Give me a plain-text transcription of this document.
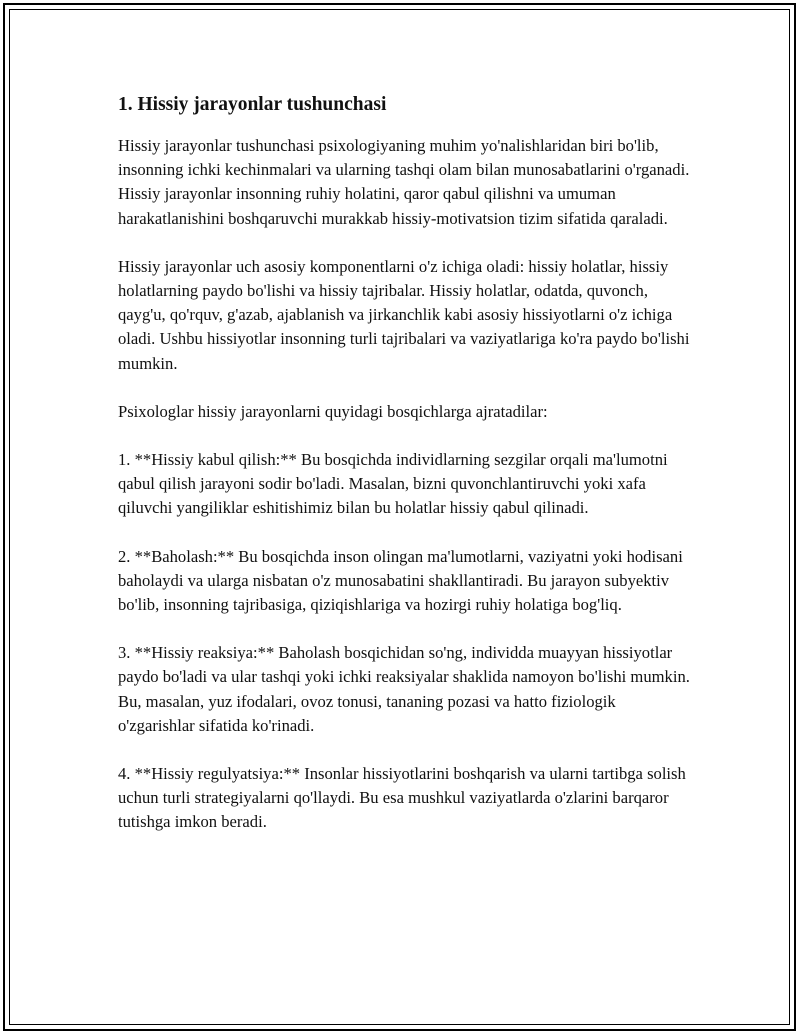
1. Hissiy jarayonlar tushunchasi

Hissiy jarayonlar tushunchasi psixologiyaning muhim yo'nalishlaridan biri bo'lib, insonning ichki kechinmalari va ularning tashqi olam bilan munosabatlarini o'rganadi. Hissiy jarayonlar insonning ruhiy holatini, qaror qabul qilishni va umuman harakatlanishini boshqaruvchi murakkab hissiy-motivatsion tizim sifatida qaraladi.

Hissiy jarayonlar uch asosiy komponentlarni o'z ichiga oladi: hissiy holatlar, hissiy holatlarning paydo bo'lishi va hissiy tajribalar. Hissiy holatlar, odatda, quvonch, qayg'u, qo'rquv, g'azab, ajablanish va jirkanchlik kabi asosiy hissiyotlarni o'z ichiga oladi. Ushbu hissiyotlar insonning turli tajribalari va vaziyatlariga ko'ra paydo bo'lishi mumkin.

Psixologlar hissiy jarayonlarni quyidagi bosqichlarga ajratadilar:

1. **Hissiy kabul qilish:** Bu bosqichda individlarning sezgilar orqali ma'lumotni qabul qilish jarayoni sodir bo'ladi. Masalan, bizni quvonchlantiruvchi yoki xafa qiluvchi yangiliklar eshitishimiz bilan bu holatlar hissiy qabul qilinadi.

2. **Baholash:** Bu bosqichda inson olingan ma'lumotlarni, vaziyatni yoki hodisani baholaydi va ularga nisbatan o'z munosabatini shakllantiradi. Bu jarayon subyektiv bo'lib, insonning tajribasiga, qiziqishlariga va hozirgi ruhiy holatiga bog'liq.

3. **Hissiy reaksiya:** Baholash bosqichidan so'ng, individda muayyan hissiyotlar paydo bo'ladi va ular tashqi yoki ichki reaksiyalar shaklida namoyon bo'lishi mumkin. Bu, masalan, yuz ifodalari, ovoz tonusi, tananing pozasi va hatto fiziologik o'zgarishlar sifatida ko'rinadi.

4. **Hissiy regulyatsiya:** Insonlar hissiyotlarini boshqarish va ularni tartibga solish uchun turli strategiyalarni qo'llaydi. Bu esa mushkul vaziyatlarda o'zlarini barqaror tutishga imkon beradi.
